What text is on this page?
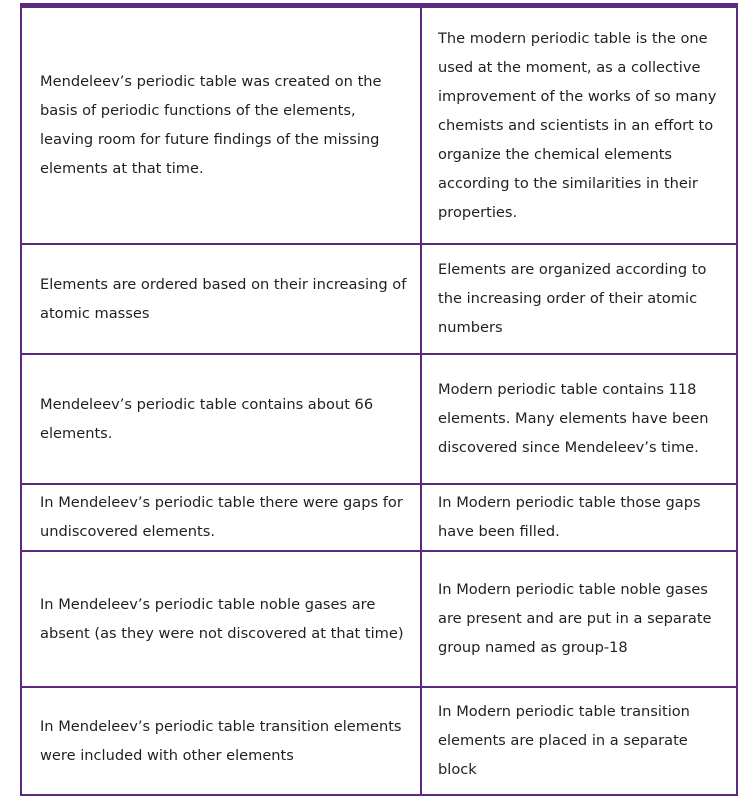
Mendeleev’s periodic table was created on the basis of periodic functions of the elements, leaving room for future findings of the missing elements at that time.	The modern periodic table is the one used at the moment, as a collective improvement of the works of so many chemists and scientists in an effort to organize the chemical elements according to the similarities in their properties.

Elements are ordered based on their increasing of atomic masses	Elements are organized according to the increasing order of their atomic numbers

Mendeleev’s periodic table contains about 66 elements.	Modern periodic table contains 118 elements. Many elements have been discovered since Mendeleev’s time.

In Mendeleev’s periodic table there were gaps for undiscovered elements.	In Modern periodic table those gaps have been filled.

In Mendeleev’s periodic table noble gases are absent (as they were not discovered at that time)	In Modern periodic table noble gases are present and are put in a separate group named as group-18

In Mendeleev’s periodic table transition elements were included with other elements	In Modern periodic table transition elements are placed in a separate block
